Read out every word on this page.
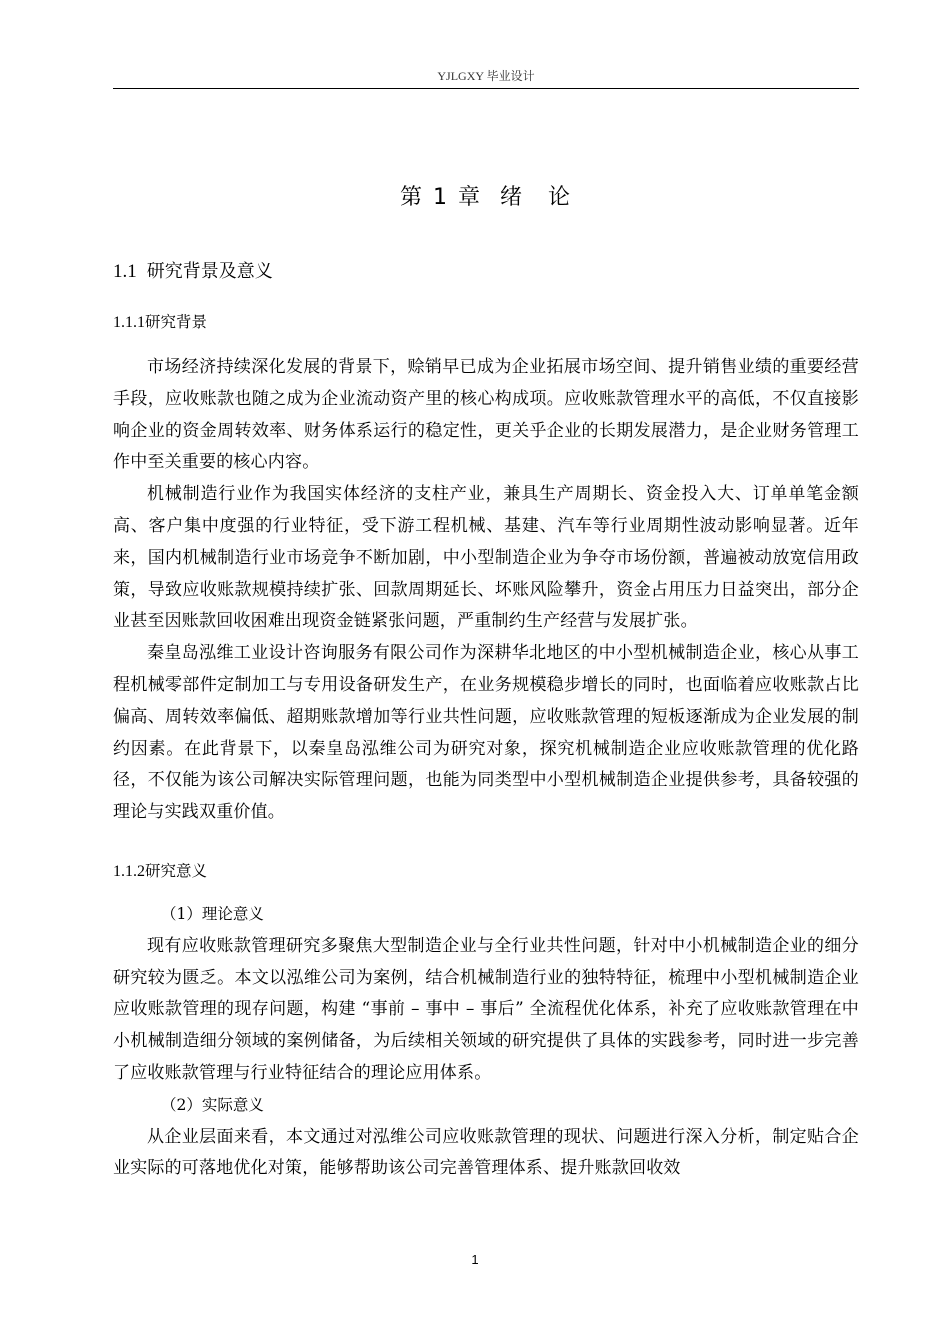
YJLGXY 毕业设计
第 1 章 绪 论
1.1 研究背景及意义
1.1.1研究背景

市场经济持续深化发展的背景下，赊销早已成为企业拓展市场空间、提升销售业绩的重要经营手段，应收账款也随之成为企业流动资产里的核心构成项。应收账款管理水平的高低，不仅直接影响企业的资金周转效率、财务体系运行的稳定性，更关乎企业的长期发展潜力，是企业财务管理工作中至关重要的核心内容。

机械制造行业作为我国实体经济的支柱产业，兼具生产周期长、资金投入大、订单单笔金额高、客户集中度强的行业特征，受下游工程机械、基建、汽车等行业周期性波动影响显著。近年来，国内机械制造行业市场竞争不断加剧，中小型制造企业为争夺市场份额，普遍被动放宽信用政策，导致应收账款规模持续扩张、回款周期延长、坏账风险攀升，资金占用压力日益突出，部分企业甚至因账款回收困难出现资金链紧张问题，严重制约生产经营与发展扩张。

秦皇岛泓维工业设计咨询服务有限公司作为深耕华北地区的中小型机械制造企业，核心从事工程机械零部件定制加工与专用设备研发生产，在业务规模稳步增长的同时，也面临着应收账款占比偏高、周转效率偏低、超期账款增加等行业共性问题，应收账款管理的短板逐渐成为企业发展的制约因素。在此背景下，以秦皇岛泓维公司为研究对象，探究机械制造企业应收账款管理的优化路径，不仅能为该公司解决实际管理问题，也能为同类型中小型机械制造企业提供参考，具备较强的理论与实践双重价值。

1.1.2研究意义

（1）理论意义

现有应收账款管理研究多聚焦大型制造企业与全行业共性问题，针对中小机械制造企业的细分研究较为匮乏。本文以泓维公司为案例，结合机械制造行业的独特特征，梳理中小型机械制造企业应收账款管理的现存问题，构建 “事前 – 事中 – 事后” 全流程优化体系，补充了应收账款管理在中小机械制造细分领域的案例储备，为后续相关领域的研究提供了具体的实践参考，同时进一步完善了应收账款管理与行业特征结合的理论应用体系。

（2）实际意义

从企业层面来看，本文通过对泓维公司应收账款管理的现状、问题进行深入分析，制定贴合企业实际的可落地优化对策，能够帮助该公司完善管理体系、提升账款回收效

1
